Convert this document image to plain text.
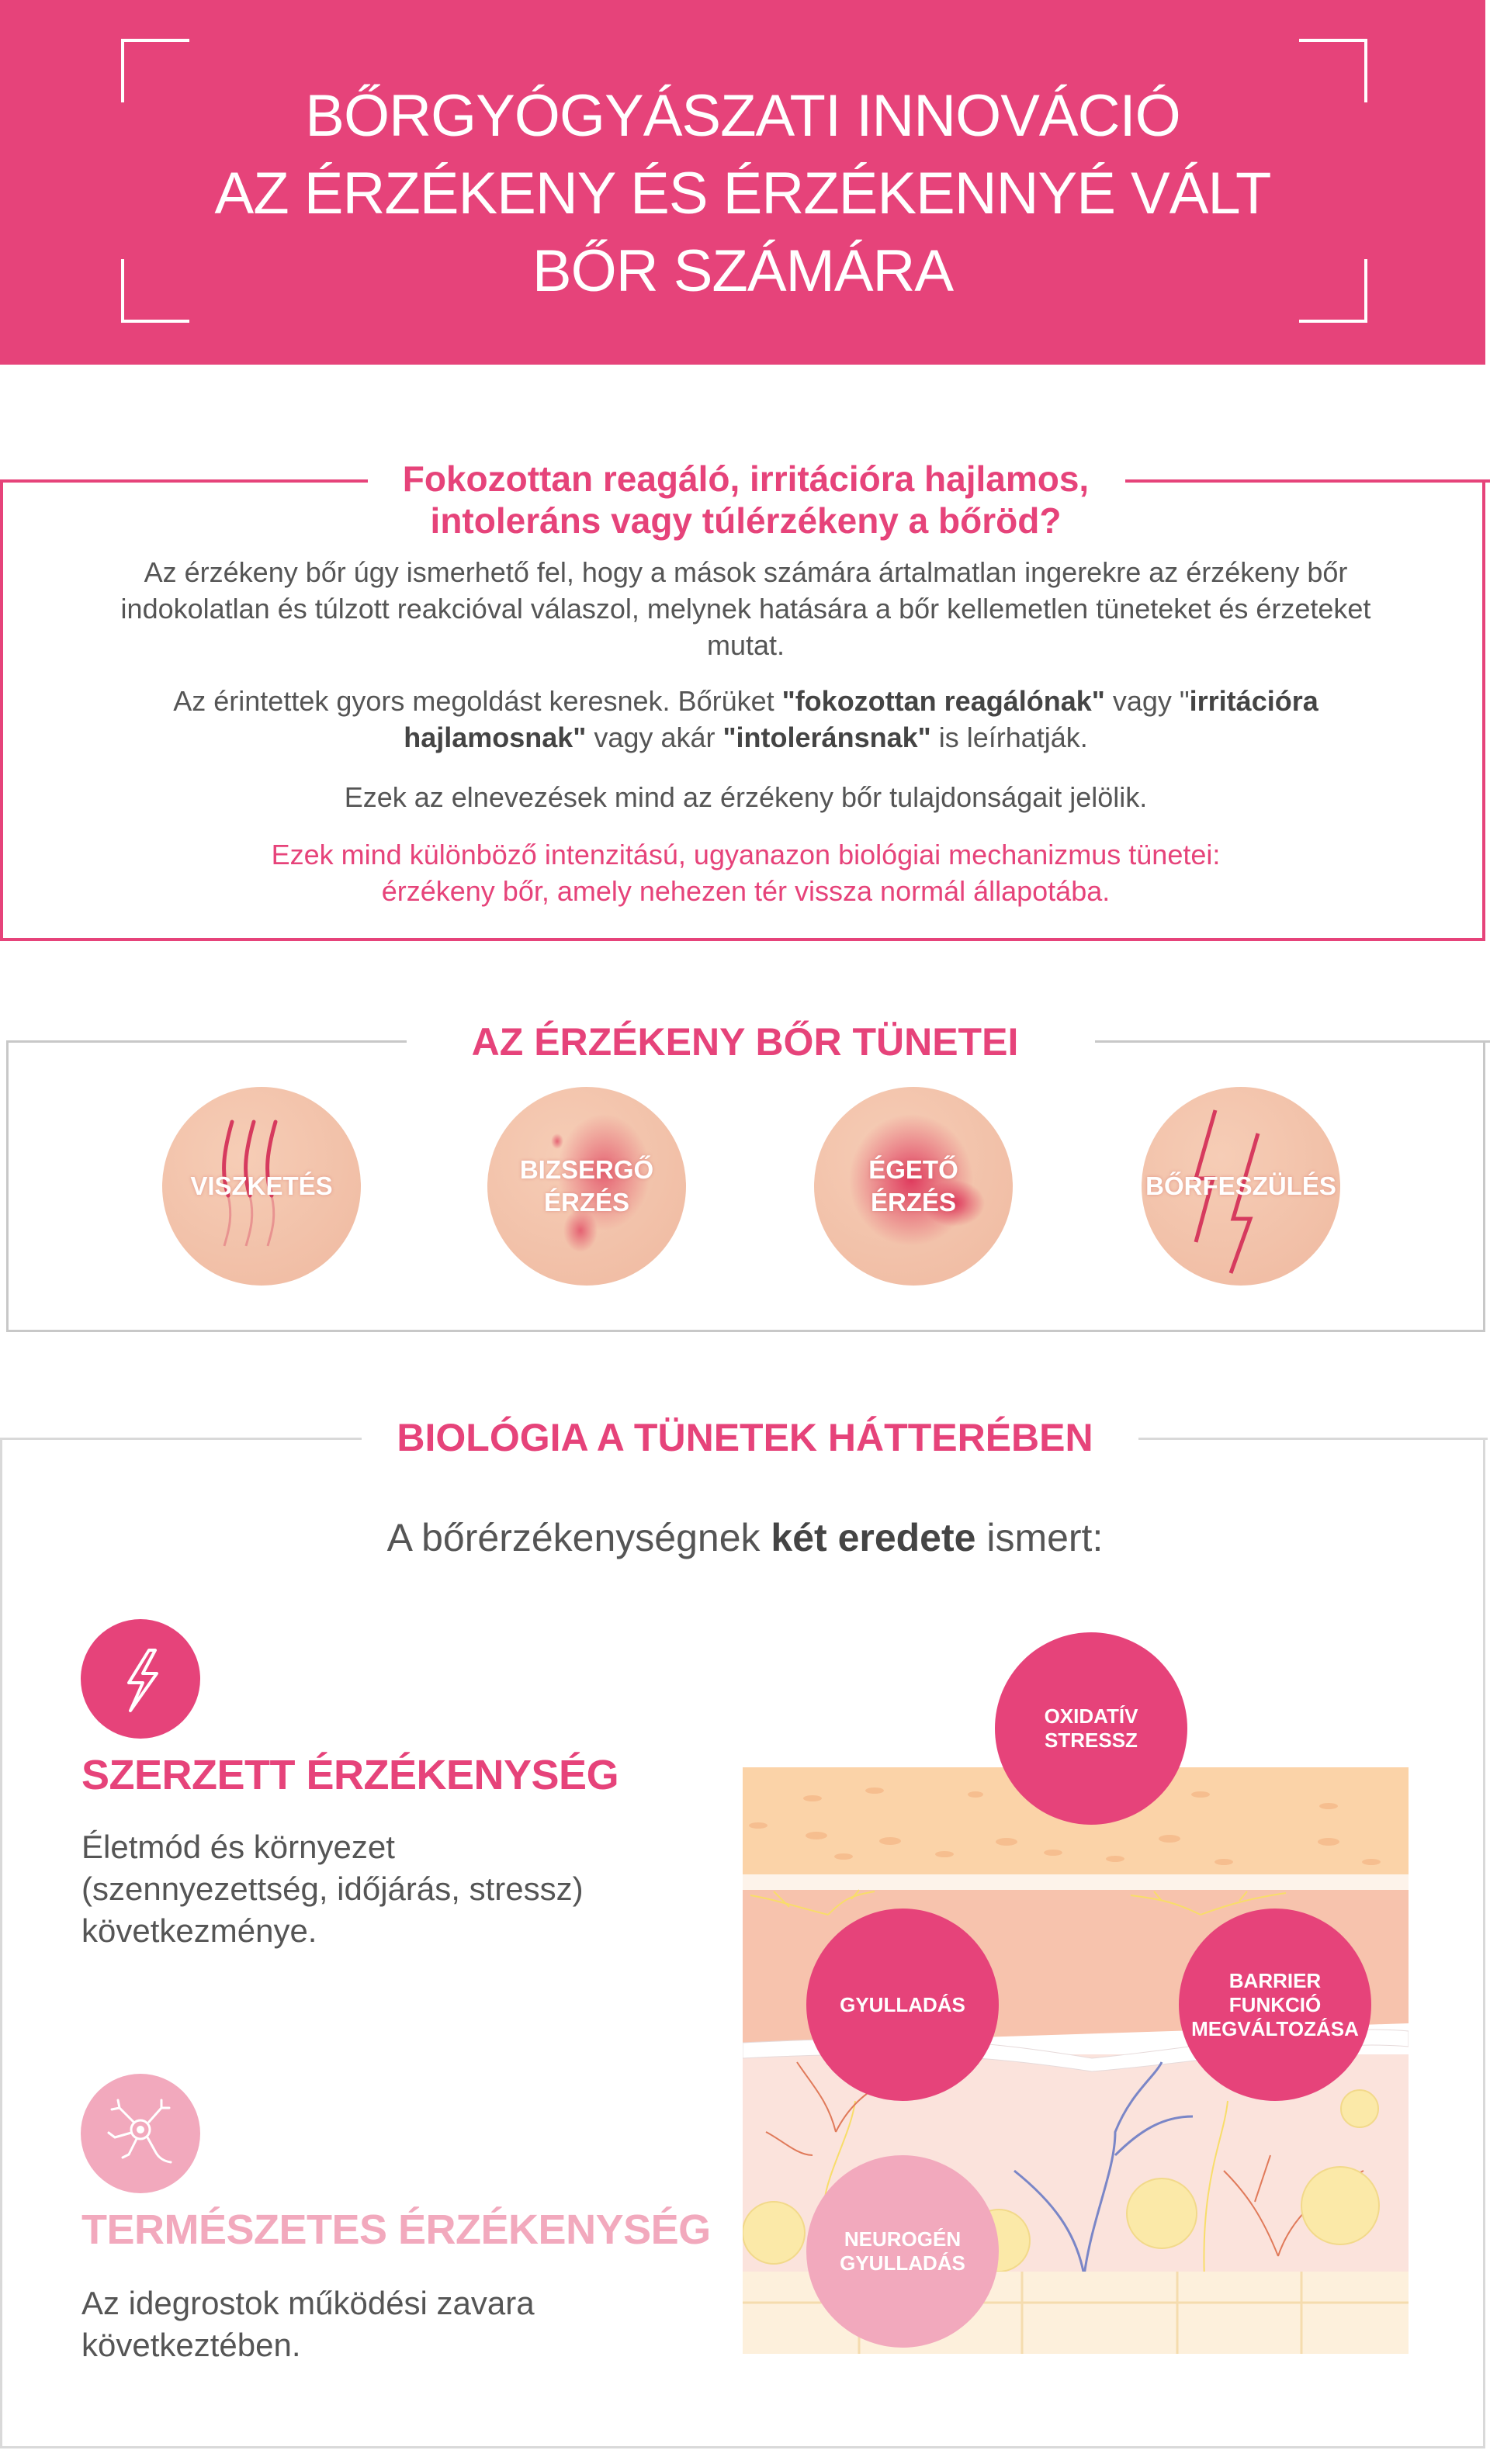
BŐRGYÓGYÁSZATI INNOVÁCIÓ
AZ ÉRZÉKENY ÉS ÉRZÉKENNYÉ VÁLT
BŐR SZÁMÁRA
Fokozottan reagáló, irritációra hajlamos,
intoleráns vagy túlérzékeny a bőröd?
Az érzékeny bőr úgy ismerhető fel, hogy a mások számára ártalmatlan ingerekre az érzékeny bőr indokolatlan és túlzott reakcióval válaszol, melynek hatására a bőr kellemetlen tüneteket és érzeteket mutat.
Az érintettek gyors megoldást keresnek. Bőrüket "fokozottan reagálónak" vagy "irritációra hajlamosnak" vagy akár "intoleránsnak" is leírhatják.
Ezek az elnevezések mind az érzékeny bőr tulajdonságait jelölik.
Ezek mind különböző intenzitású, ugyanazon biológiai mechanizmus tünetei:
érzékeny bőr, amely nehezen tér vissza normál állapotába.
AZ ÉRZÉKENY BŐR TÜNETEI
VISZKETÉS
BIZSERGŐ
ÉRZÉS
ÉGETŐ
ÉRZÉS
BŐRFESZÜLÉS
BIOLÓGIA A TÜNETEK HÁTTERÉBEN
A bőrérzékenységnek két eredete ismert:
SZERZETT ÉRZÉKENYSÉG
Életmód és környezet
(szennyezettség, időjárás, stressz)
következménye.
TERMÉSZETES ÉRZÉKENYSÉG
Az idegrostok működési zavara
következtében.
OXIDATÍV
STRESSZ
GYULLADÁS
BARRIER
FUNKCIÓ
MEGVÁLTOZÁSA
NEUROGÉN
GYULLADÁS
